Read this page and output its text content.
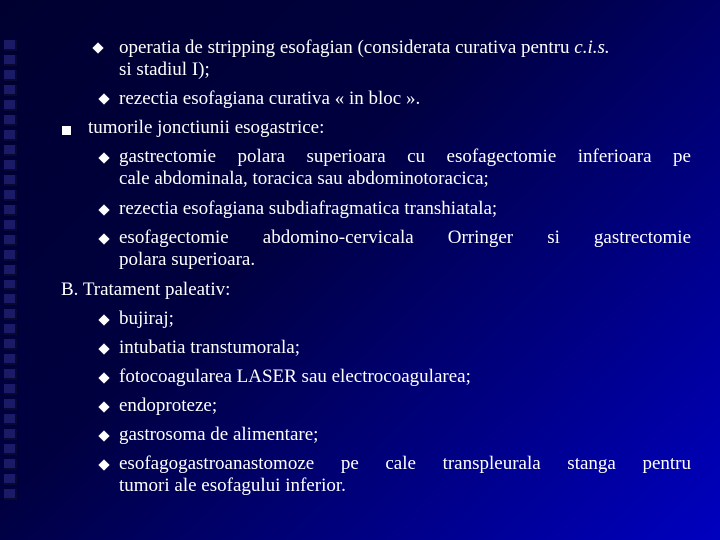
operatia de stripping esofagian (considerata curativa pentru c.i.s.
si stadiul I);
rezectia esofagiana curativa « in bloc ».
tumorile jonctiunii esogastrice:
gastrectomie polara superioara cu esofagectomie inferioara pe
cale abdominala, toracica sau abdominotoracica;
rezectia esofagiana subdiafragmatica transhiatala;
esofagectomie abdomino-cervicala Orringer si gastrectomie
polara superioara.
B. Tratament paleativ:
bujiraj;
intubatia transtumorala;
fotocoagularea LASER sau electrocoagularea;
endoproteze;
gastrosoma de alimentare;
esofagogastroanastomoze pe cale transpleurala stanga pentru
tumori ale esofagului inferior.
